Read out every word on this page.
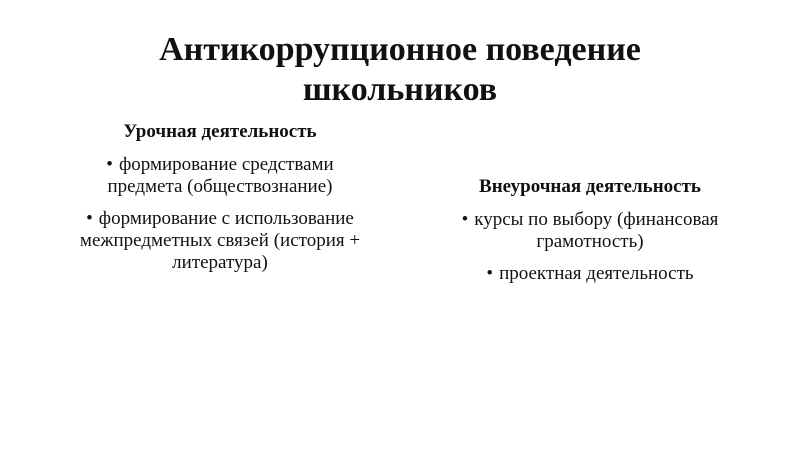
Антикоррупционное поведение
школьников

Урочная деятельность

• формирование средствами предмета (обществознание)
• формирование с использование межпредметных связей (история + литература)

Внеурочная деятельность

• курсы по выбору (финансовая грамотность)
• проектная деятельность
